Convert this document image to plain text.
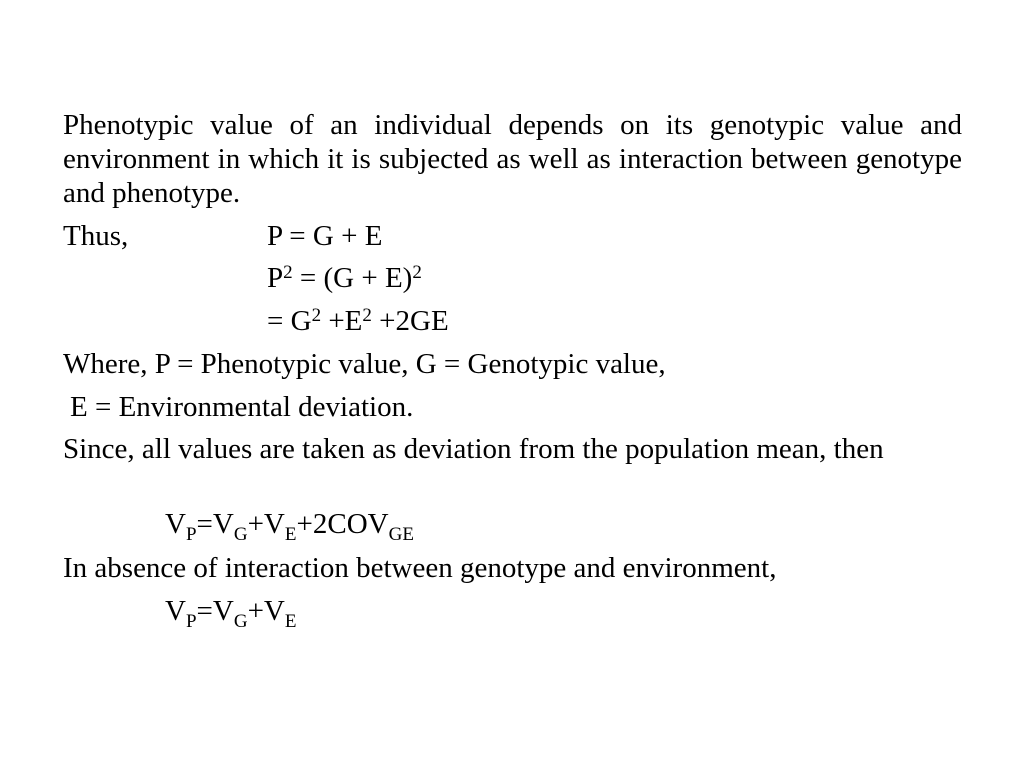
Phenotypic value of an individual depends on its genotypic value and environment in which it is subjected as well as interaction between genotype and phenotype.

Thus,	P = G + E
$P^2 = (G + E)^2$
= $G^2 +E^2 +2GE$
Where, P = Phenotypic value, G = Genotypic value,
E = Environmental deviation.

Since, all values are taken as deviation from the population mean, then

$V_P=V_G+V_E+2COV_{GE}$
In absence of interaction between genotype and environment,
$V_P=V_G+V_E$
